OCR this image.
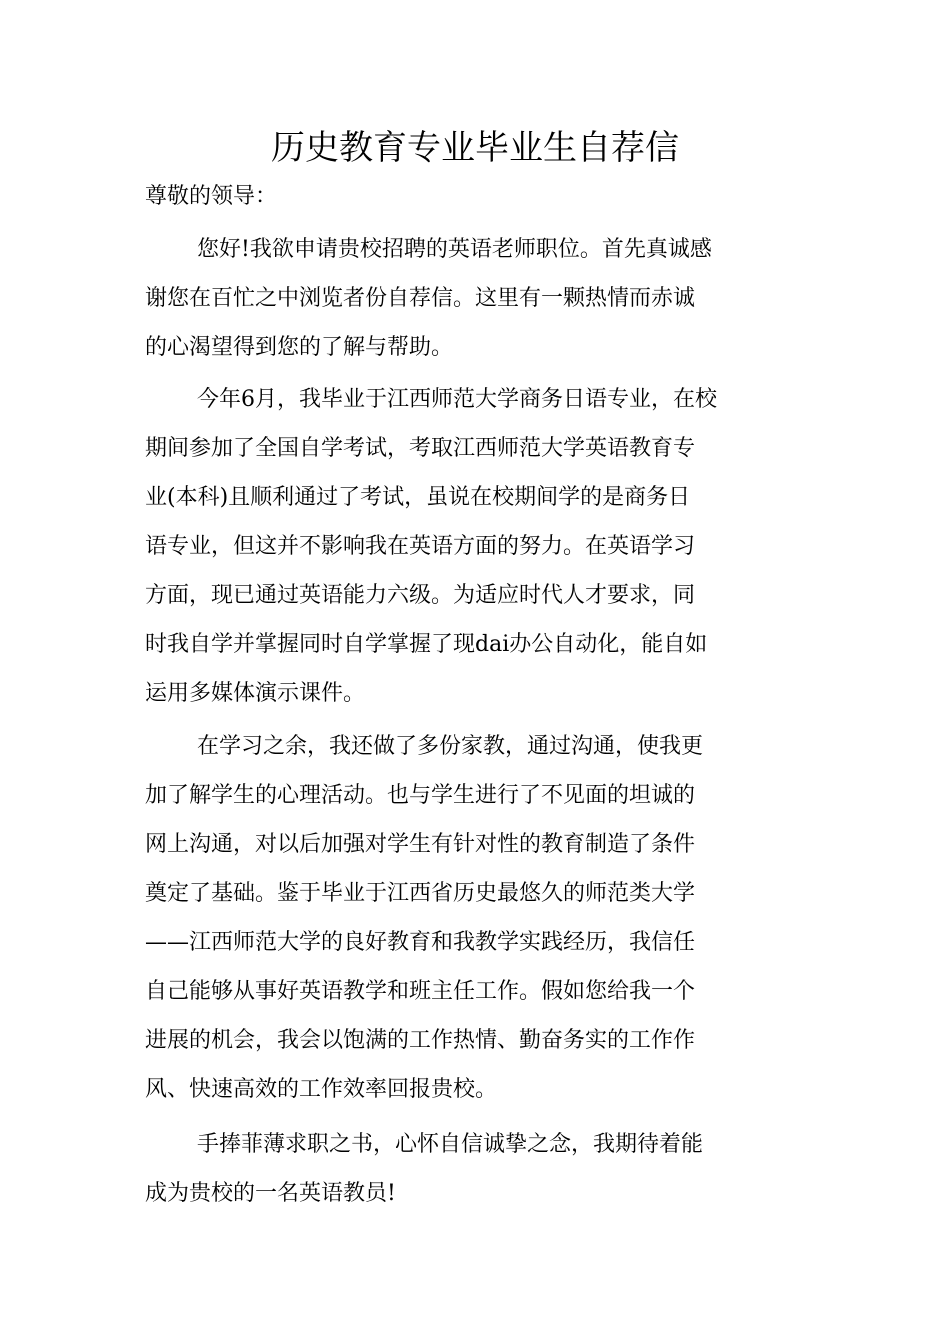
历史教育专业毕业生自荐信

尊敬的领导：

您好!我欲申请贵校招聘的英语老师职位。首先真诚感
谢您在百忙之中浏览者份自荐信。这里有一颗热情而赤诚
的心渴望得到您的了解与帮助。
今年6月，我毕业于江西师范大学商务日语专业，在校
期间参加了全国自学考试，考取江西师范大学英语教育专
业(本科)且顺利通过了考试，虽说在校期间学的是商务日
语专业，但这并不影响我在英语方面的努力。在英语学习
方面，现已通过英语能力六级。为适应时代人才要求，同
时我自学并掌握同时自学掌握了现dai办公自动化，能自如
运用多媒体演示课件。
在学习之余，我还做了多份家教，通过沟通，使我更
加了解学生的心理活动。也与学生进行了不见面的坦诚的
网上沟通，对以后加强对学生有针对性的教育制造了条件
奠定了基础。鉴于毕业于江西省历史最悠久的师范类大学
——江西师范大学的良好教育和我教学实践经历，我信任
自己能够从事好英语教学和班主任工作。假如您给我一个
进展的机会，我会以饱满的工作热情、勤奋务实的工作作
风、快速高效的工作效率回报贵校。
手捧菲薄求职之书，心怀自信诚挚之念，我期待着能
成为贵校的一名英语教员!
